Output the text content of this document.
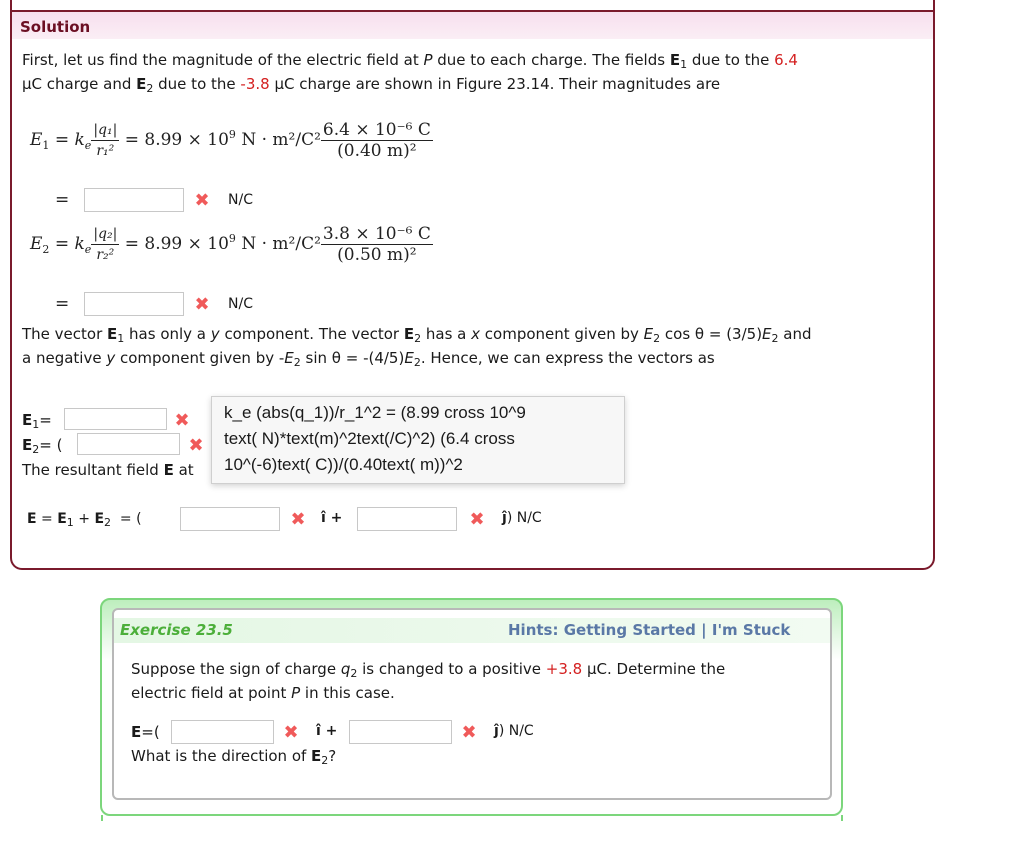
Solution
First, let us find the magnitude of the electric field at P due to each charge. The fields $E_1$ due to the 6.4
μC charge and $E_2$ due to the -3.8 μC charge are shown in Figure 23.14. Their magnitudes are
$E_1 = k_e \frac{\text{|q₁|}}{\text{r₁²}} = 8.99 \times 10^9$ $N \cdot m^2/C^2 \frac{\text{6.4 × 10⁻⁶ C}}{\text{(0.40 m)²}}$
=	✖ N/C
$E_2 = k_e \frac{\text{|q₂|}}{\text{r₂²}} = 8.99 \times 10^9$ $N \cdot m^2/C^2 \frac{\text{3.8 × 10⁻⁶ C}}{\text{(0.50 m)²}}$
=	✖ N/C
The vector $E_1$ has only a y component. The vector $E_2$ has a x component given by $E_2$ $\cos \theta = (3/5)E_2$ and
a negative y component given by $-E_2$ $\sin \theta = -(4/5)E_2$. Hence, we can express the vectors as
$E_1=$	✖
$E_2=$ (	✖
The resultant field E at
k_e (abs(q_1))/r_1^2 = (8.99 cross 10^9
text( N)*text(m)^2text(/C)^2) (6.4 cross
10^(-6)text( C))/(0.40text( m))^2
$E = E_1 + E_2$  = (	✖ î +	✖ ĵ) N/C
Exercise 23.5	Hints: Getting Started | I'm Stuck
Suppose the sign of charge $q_2$ is changed to a positive +3.8 μC. Determine the
electric field at point P in this case.
E=(	✖ î +	✖ ĵ) N/C
What is the direction of $E_2$?
